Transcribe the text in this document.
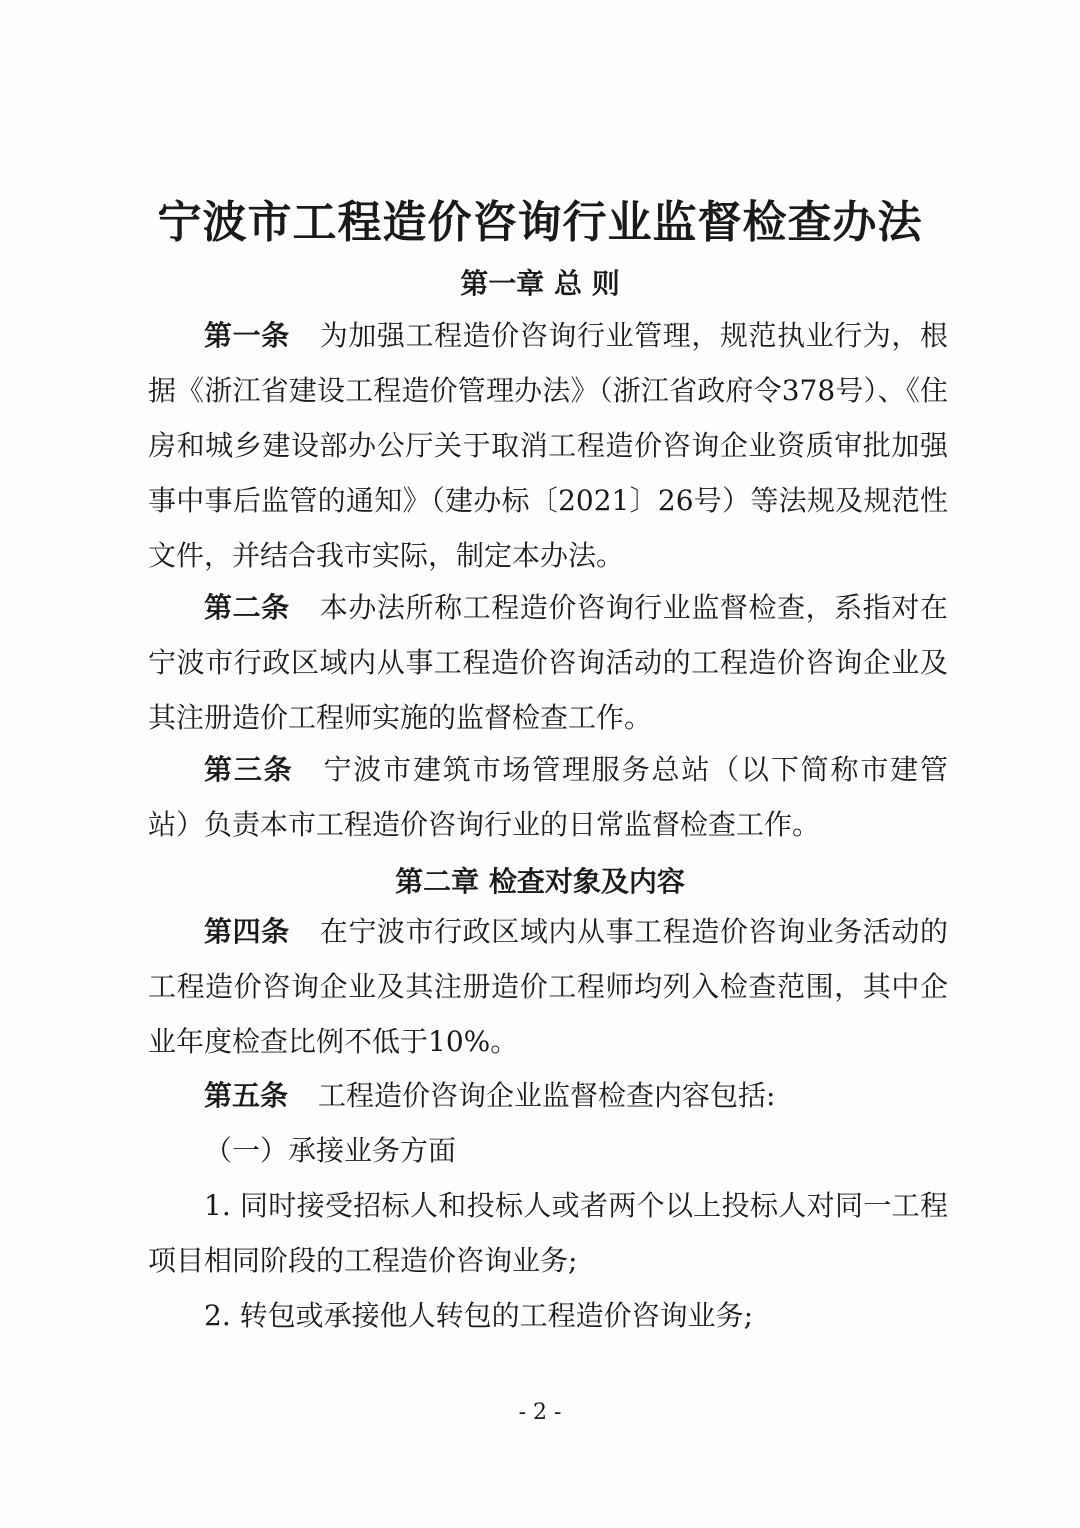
宁波市工程造价咨询行业监督检查办法
第一章 总 则
第一条 为加强工程造价咨询行业管理，规范执业行为，根据《浙江省建设工程造价管理办法》（浙江省政府令378号）、《住房和城乡建设部办公厅关于取消工程造价咨询企业资质审批加强事中事后监管的通知》（建办标〔2021〕26号）等法规及规范性文件，并结合我市实际，制定本办法。
第二条 本办法所称工程造价咨询行业监督检查，系指对在宁波市行政区域内从事工程造价咨询活动的工程造价咨询企业及其注册造价工程师实施的监督检查工作。
第三条 宁波市建筑市场管理服务总站（以下简称市建管站）负责本市工程造价咨询行业的日常监督检查工作。
第二章 检查对象及内容
第四条 在宁波市行政区域内从事工程造价咨询业务活动的工程造价咨询企业及其注册造价工程师均列入检查范围，其中企业年度检查比例不低于10%。
第五条 工程造价咨询企业监督检查内容包括:
（一）承接业务方面
1. 同时接受招标人和投标人或者两个以上投标人对同一工程项目相同阶段的工程造价咨询业务;
2. 转包或承接他人转包的工程造价咨询业务;
- 2 -
